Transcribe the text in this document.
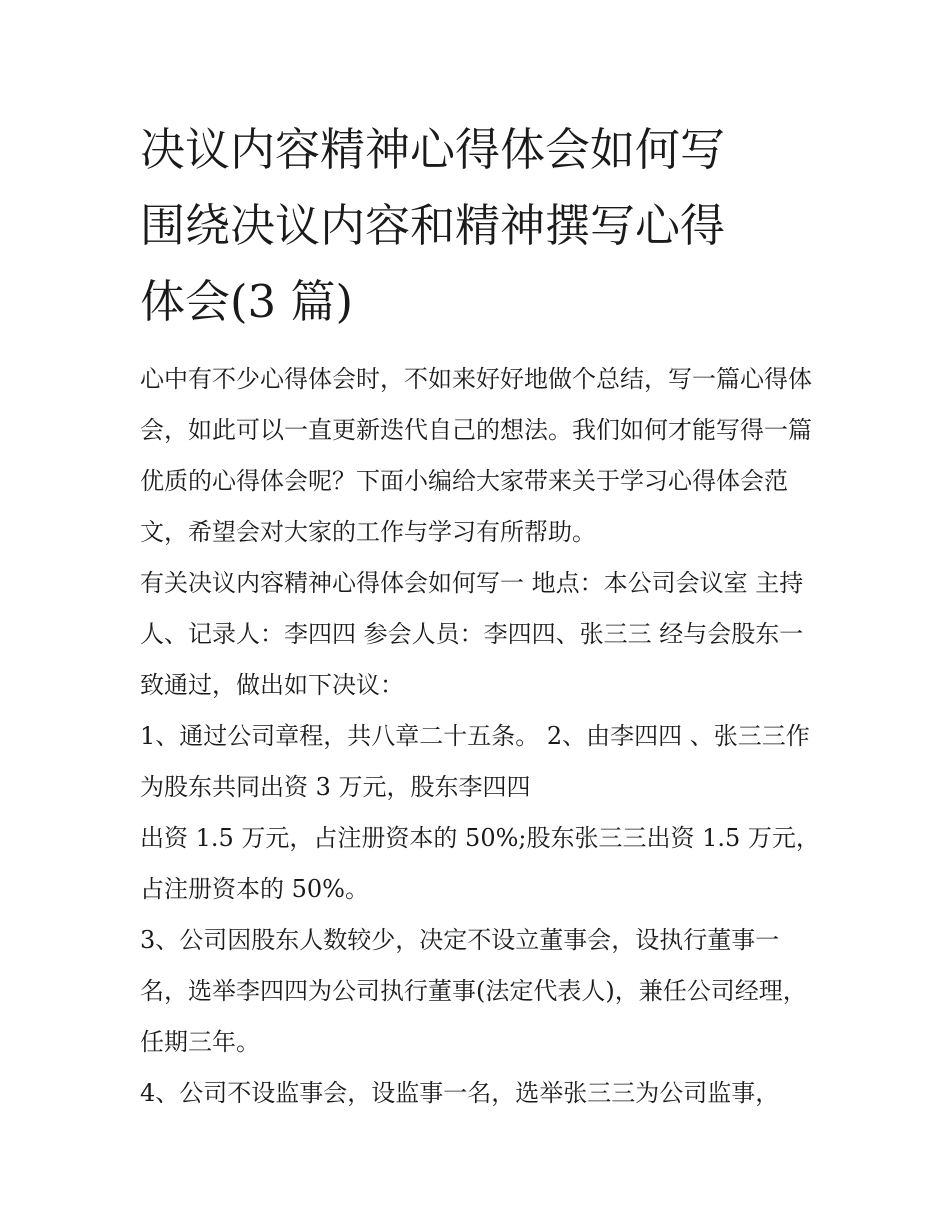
决议内容精神心得体会如何写
围绕决议内容和精神撰写心得
体会(3 篇)

心中有不少心得体会时，不如来好好地做个总结，写一篇心得体会，如此可以一直更新迭代自己的想法。我们如何才能写得一篇优质的心得体会呢？下面小编给大家带来关于学习心得体会范文，希望会对大家的工作与学习有所帮助。

有关决议内容精神心得体会如何写一 地点：本公司会议室 主持人、记录人：李四四 参会人员：李四四、张三三 经与会股东一致通过，做出如下决议：

1、通过公司章程，共八章二十五条。 2、由李四四 、张三三作为股东共同出资 3 万元，股东李四四

出资 1.5 万元，占注册资本的 50%;股东张三三出资 1.5 万元，占注册资本的 50%。

3、公司因股东人数较少，决定不设立董事会，设执行董事一名，选举李四四为公司执行董事(法定代表人)，兼任公司经理，任期三年。

4、公司不设监事会，设监事一名，选举张三三为公司监事，
